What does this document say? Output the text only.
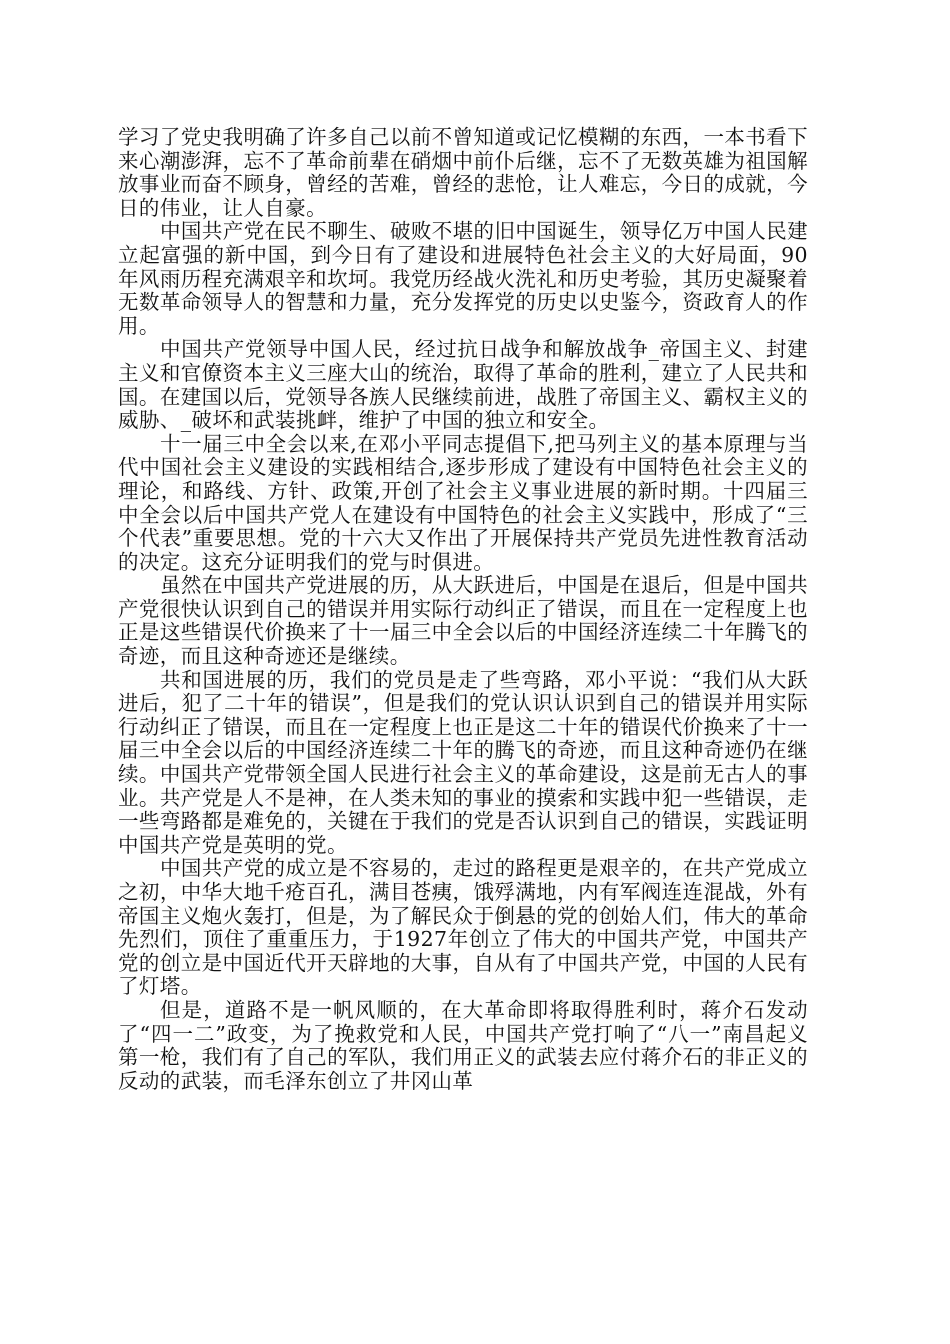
学习了党史我明确了许多自己以前不曾知道或记忆模糊的东西，一本书看下来心潮澎湃，忘不了革命前辈在硝烟中前仆后继，忘不了无数英雄为祖国解放事业而奋不顾身，曾经的苦难，曾经的悲怆，让人难忘，今日的成就，今日的伟业，让人自豪。

中国共产党在民不聊生、破败不堪的旧中国诞生，领导亿万中国人民建立起富强的新中国，到今日有了建设和进展特色社会主义的大好局面，90年风雨历程充满艰辛和坎坷。我党历经战火洗礼和历史考验，其历史凝聚着无数革命领导人的智慧和力量，充分发挥党的历史以史鉴今，资政育人的作用。

中国共产党领导中国人民，经过抗日战争和解放战争_帝国主义、封建主义和官僚资本主义三座大山的统治，取得了革命的胜利，建立了人民共和国。在建国以后，党领导各族人民继续前进，战胜了帝国主义、霸权主义的威胁、_破坏和武装挑衅，维护了中国的独立和安全。

十一届三中全会以来,在邓小平同志提倡下,把马列主义的基本原理与当代中国社会主义建设的实践相结合,逐步形成了建设有中国特色社会主义的理论，和路线、方针、政策,开创了社会主义事业进展的新时期。十四届三中全会以后中国共产党人在建设有中国特色的社会主义实践中，形成了“三个代表”重要思想。党的十六大又作出了开展保持共产党员先进性教育活动的决定。这充分证明我们的党与时俱进。

虽然在中国共产党进展的历，从大跃进后，中国是在退后，但是中国共产党很快认识到自己的错误并用实际行动纠正了错误，而且在一定程度上也正是这些错误代价换来了十一届三中全会以后的中国经济连续二十年腾飞的奇迹，而且这种奇迹还是继续。

共和国进展的历，我们的党员是走了些弯路，邓小平说：“我们从大跃进后，犯了二十年的错误”，但是我们的党认识认识到自己的错误并用实际行动纠正了错误，而且在一定程度上也正是这二十年的错误代价换来了十一届三中全会以后的中国经济连续二十年的腾飞的奇迹，而且这种奇迹仍在继续。中国共产党带领全国人民进行社会主义的革命建设，这是前无古人的事业。共产党是人不是神，在人类未知的事业的摸索和实践中犯一些错误，走一些弯路都是难免的，关键在于我们的党是否认识到自己的错误，实践证明中国共产党是英明的党。

中国共产党的成立是不容易的，走过的路程更是艰辛的，在共产党成立之初，中华大地千疮百孔，满目苍痍，饿殍满地，内有军阀连连混战，外有帝国主义炮火轰打，但是，为了解民众于倒悬的党的创始人们，伟大的革命先烈们，顶住了重重压力，于1927年创立了伟大的中国共产党，中国共产党的创立是中国近代开天辟地的大事，自从有了中国共产党，中国的人民有了灯塔。

但是，道路不是一帆风顺的，在大革命即将取得胜利时，蒋介石发动了“四一二”政变，为了挽救党和人民，中国共产党打响了“八一”南昌起义第一枪，我们有了自己的军队，我们用正义的武装去应付蒋介石的非正义的反动的武装，而毛泽东创立了井冈山革
